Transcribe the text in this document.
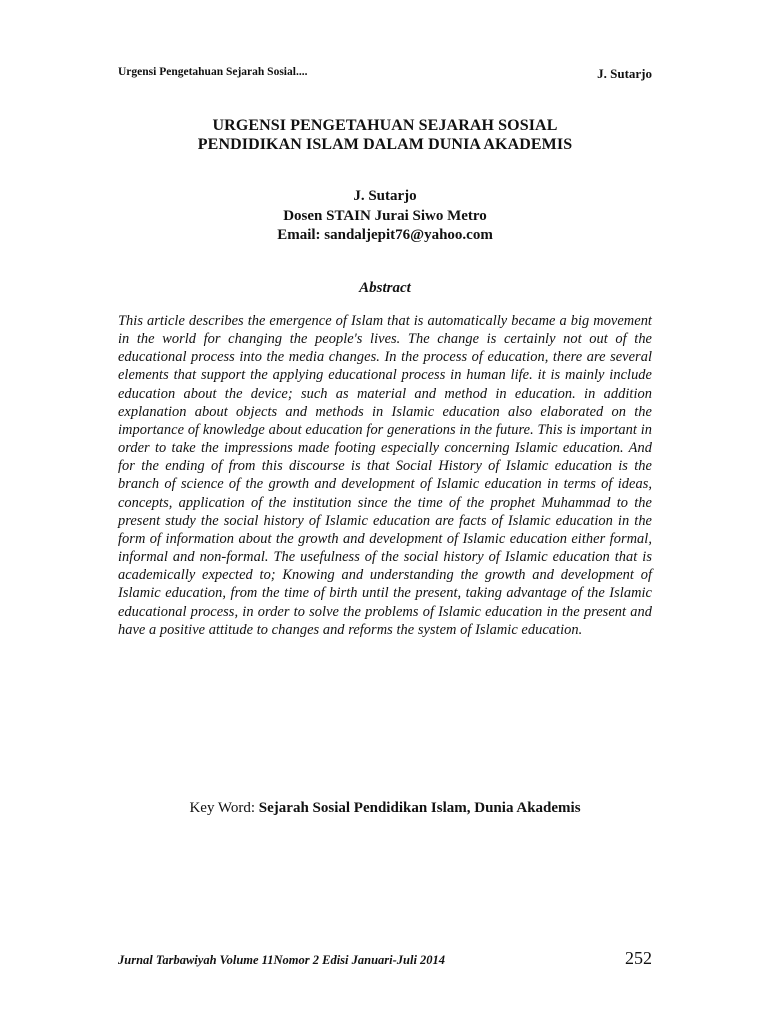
Urgensi Pengetahuan Sejarah Sosial....	J. Sutarjo
URGENSI PENGETAHUAN SEJARAH SOSIAL
PENDIDIKAN ISLAM DALAM DUNIA AKADEMIS
J. Sutarjo
Dosen STAIN Jurai Siwo Metro
Email: sandaljepit76@yahoo.com
Abstract
This article describes the emergence of Islam that is automatically became a big movement in the world for changing the people's lives. The change is certainly not out of the educational process into the media changes. In the process of education, there are several elements that support the applying educational process in human life. it is mainly include education about the device; such as material and method in education. in addition explanation about objects and methods in Islamic education also elaborated on the importance of knowledge about education for generations in the future. This is important in order to take the impressions made footing especially concerning Islamic education. And for the ending of from this discourse is that Social History of Islamic education is the branch of science of the growth and development of Islamic education in terms of ideas, concepts, application of the institution since the time of the prophet Muhammad to the present study the social history of Islamic education are facts of Islamic education in the form of information about the growth and development of Islamic education either formal, informal and non-formal. The usefulness of the social history of Islamic education that is academically expected to; Knowing and understanding the growth and development of Islamic education, from the time of birth until the present, taking advantage of the Islamic educational process, in order to solve the problems of Islamic education in the present and have a positive attitude to changes and reforms the system of Islamic education.
Key Word: Sejarah Sosial Pendidikan Islam, Dunia Akademis
Jurnal Tarbawiyah Volume 11Nomor 2 Edisi Januari-Juli 2014	252
